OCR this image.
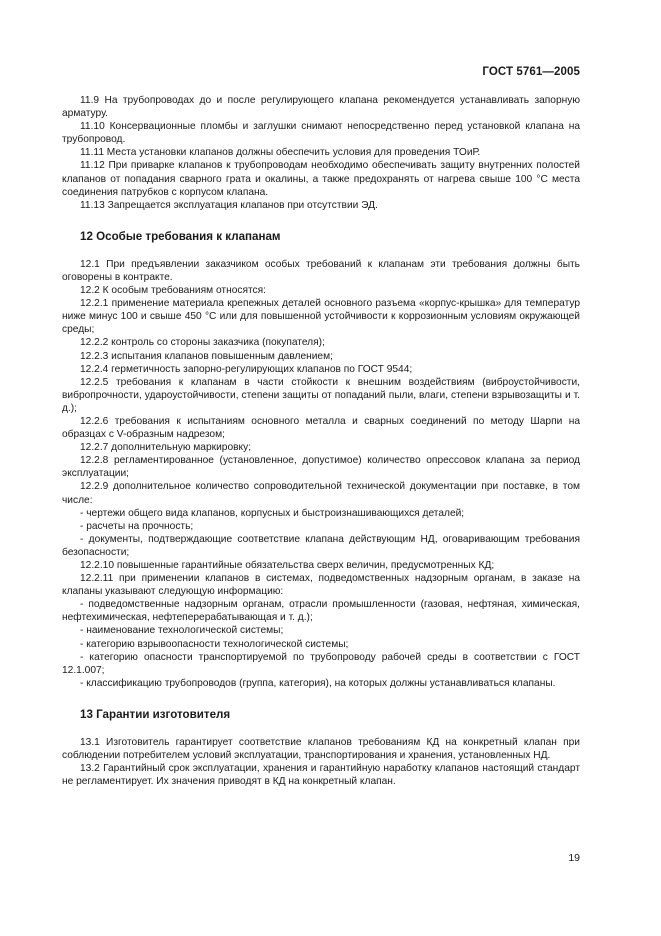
ГОСТ 5761—2005

11.9 На трубопроводах до и после регулирующего клапана рекомендуется устанавливать запорную арматуру.

11.10 Консервационные пломбы и заглушки снимают непосредственно перед установкой клапана на трубопровод.

11.11 Места установки клапанов должны обеспечить условия для проведения ТОиР.

11.12 При приварке клапанов к трубопроводам необходимо обеспечивать защиту внутренних полостей клапанов от попадания сварного грата и окалины, а также предохранять от нагрева свыше 100 °С места соединения патрубков с корпусом клапана.

11.13 Запрещается эксплуатация клапанов при отсутствии ЭД.

12 Особые требования к клапанам

12.1 При предъявлении заказчиком особых требований к клапанам эти требования должны быть оговорены в контракте.

12.2 К особым требованиям относятся:

12.2.1 применение материала крепежных деталей основного разъема «корпус-крышка» для температур ниже минус 100 и свыше 450 °С или для повышенной устойчивости к коррозионным условиям окружающей среды;

12.2.2 контроль со стороны заказчика (покупателя);

12.2.3 испытания клапанов повышенным давлением;

12.2.4 герметичность запорно-регулирующих клапанов по ГОСТ 9544;

12.2.5 требования к клапанам в части стойкости к внешним воздействиям (виброустойчивости, вибропрочности, удароустойчивости, степени защиты от попаданий пыли, влаги, степени взрывозащиты и т. д.);

12.2.6 требования к испытаниям основного металла и сварных соединений по методу Шарпи на образцах с V-образным надрезом;

12.2.7 дополнительную маркировку;

12.2.8 регламентированное (установленное, допустимое) количество опрессовок клапана за период эксплуатации;

12.2.9 дополнительное количество сопроводительной технической документации при поставке, в том числе:

- чертежи общего вида клапанов, корпусных и быстроизнашивающихся деталей;

- расчеты на прочность;

- документы, подтверждающие соответствие клапана действующим НД, оговаривающим требования безопасности;

12.2.10 повышенные гарантийные обязательства сверх величин, предусмотренных КД;

12.2.11 при применении клапанов в системах, подведомственных надзорным органам, в заказе на клапаны указывают следующую информацию:

- подведомственные надзорным органам, отрасли промышленности (газовая, нефтяная, химическая, нефтехимическая, нефтеперерабатывающая и т. д.);

- наименование технологической системы;

- категорию взрывоопасности технологической системы;

- категорию опасности транспортируемой по трубопроводу рабочей среды в соответствии с ГОСТ 12.1.007;

- классификацию трубопроводов (группа, категория), на которых должны устанавливаться клапаны.

13 Гарантии изготовителя

13.1 Изготовитель гарантирует соответствие клапанов требованиям КД на конкретный клапан при соблюдении потребителем условий эксплуатации, транспортирования и хранения, установленных НД.

13.2 Гарантийный срок эксплуатации, хранения и гарантийную наработку клапанов настоящий стандарт не регламентирует. Их значения приводят в КД на конкретный клапан.

19
